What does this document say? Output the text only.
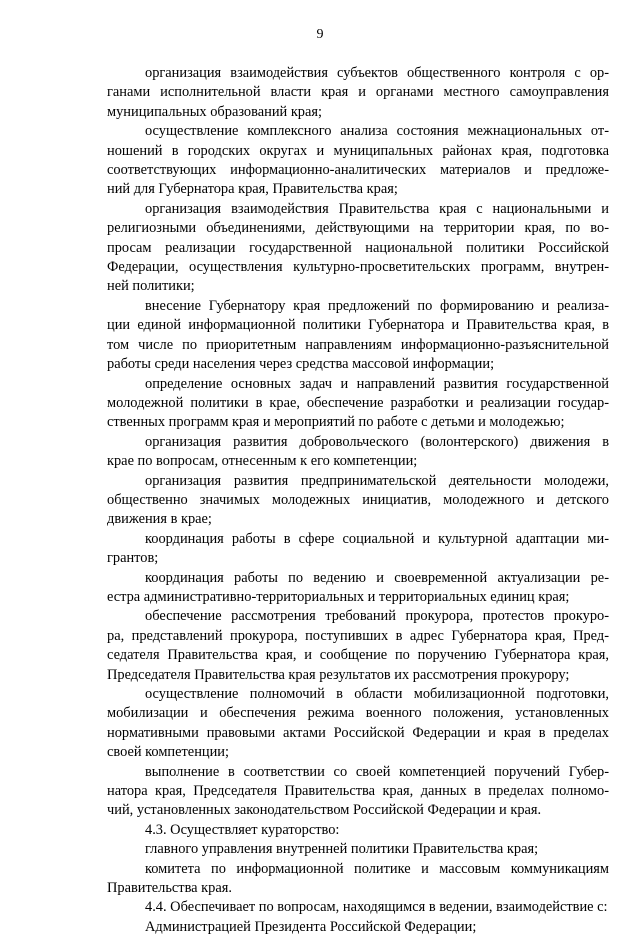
9

организация взаимодействия субъектов общественного контроля с ор-
ганами исполнительной власти края и органами местного самоуправления
муниципальных образований края;

осуществление комплексного анализа состояния межнациональных от-
ношений в городских округах и муниципальных районах края, подготовка
соответствующих информационно-аналитических материалов и предложе-
ний для Губернатора края, Правительства края;

организация взаимодействия Правительства края с национальными и
религиозными объединениями, действующими на территории края, по во-
просам реализации государственной национальной политики Российской
Федерации, осуществления культурно-просветительских программ, внутрен-
ней политики;

внесение Губернатору края предложений по формированию и реализа-
ции единой информационной политики Губернатора и Правительства края, в
том числе по приоритетным направлениям информационно-разъяснительной
работы среди населения через средства массовой информации;

определение основных задач и направлений развития государственной
молодежной политики в крае, обеспечение разработки и реализации государ-
ственных программ края и мероприятий по работе с детьми и молодежью;

организация развития добровольческого (волонтерского) движения в
крае по вопросам, отнесенным к его компетенции;

организация развития предпринимательской деятельности молодежи,
общественно значимых молодежных инициатив, молодежного и детского
движения в крае;

координация работы в сфере социальной и культурной адаптации ми-
грантов;

координация работы по ведению и своевременной актуализации ре-
естра административно-территориальных и территориальных единиц края;

обеспечение рассмотрения требований прокурора, протестов прокуро-
ра, представлений прокурора, поступивших в адрес Губернатора края, Пред-
седателя Правительства края, и сообщение по поручению Губернатора края,
Председателя Правительства края результатов их рассмотрения прокурору;

осуществление полномочий в области мобилизационной подготовки,
мобилизации и обеспечения режима военного положения, установленных
нормативными правовыми актами Российской Федерации и края в пределах
своей компетенции;

выполнение в соответствии со своей компетенцией поручений Губер-
натора края, Председателя Правительства края, данных в пределах полномо-
чий, установленных законодательством Российской Федерации и края.

4.3. Осуществляет кураторство:

главного управления внутренней политики Правительства края;

комитета по информационной политике и массовым коммуникациям
Правительства края.

4.4. Обеспечивает по вопросам, находящимся в ведении, взаимодействие с:

Администрацией Президента Российской Федерации;
